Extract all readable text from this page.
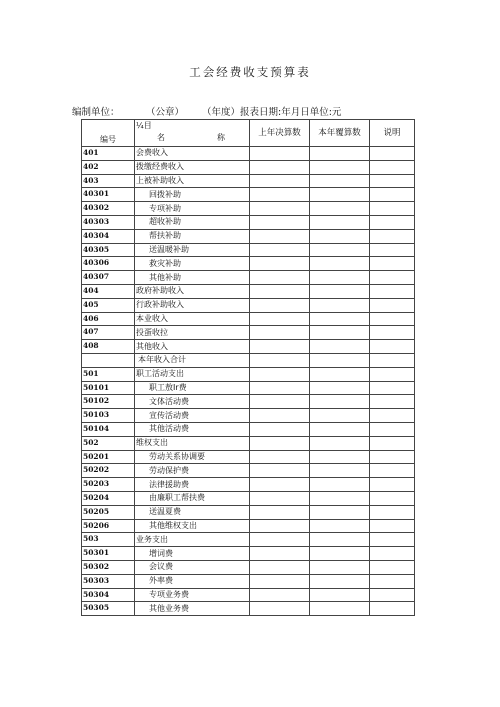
工会经费收支预算表
编制单位：	（公章） （年度）报表日期:年月日单位:元
编号	¼目
名 称	上年决算数	本年覆算数	说明
401	会费收入			
402	拨缴经费收入			
403	上被补助收入			
40301	回拨补助			
40302	专项补助			
40303	超收补助			
40304	帮扶补助			
40305	送温暖补助			
40306	救灾补助			
40307	其他补助			
404	政府补助收入			
405	行政补助收入			
406	本业收入			
407	投蛋收拉			
408	其他收入			
	本年收入合计			
501	职工活动支出			
50101	职工敖Ir费			
50102	文体活动费			
50103	宣传活动费			
50104	其他活动费			
502	维权支出			
50201	劳动关系协调要			
50202	劳动保护费			
50203	法律援助费			
50204	由廉职工帮扶费			
50205	送温夏费			
50206	其他维权支出			
503	业务支出			
50301	增词费			
50302	会议费			
50303	外率费			
50304	专项业务费			
50305	其他业务费			
